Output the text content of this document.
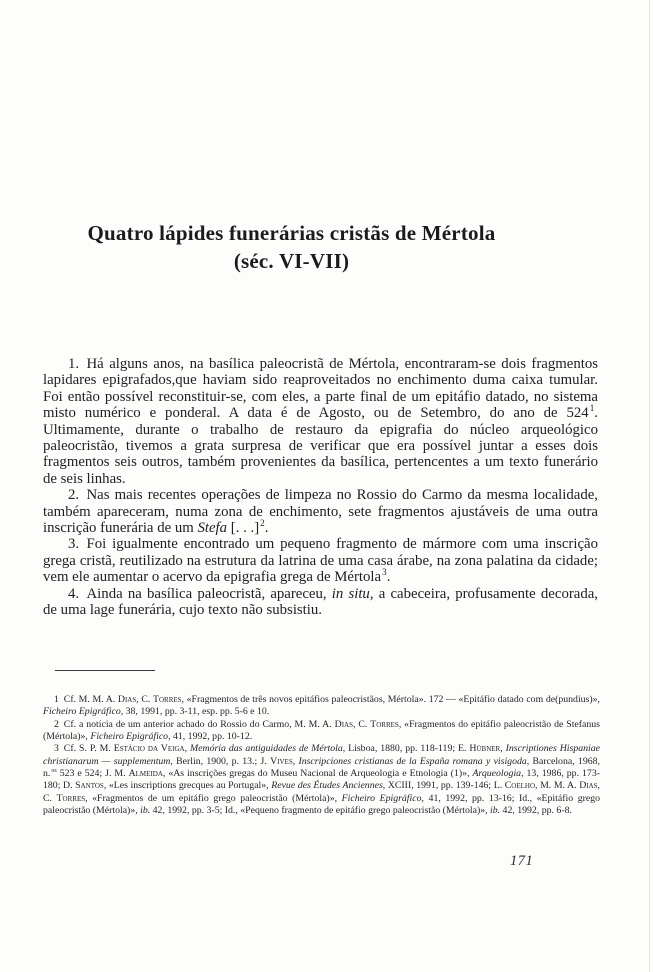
Quatro lápides funerárias cristãs de Mértola
(séc. VI-VII)

1. Há alguns anos, na basílica paleocristã de Mértola, encontraram-se dois fragmentos lapidares epigrafados,que haviam sido reaproveitados no enchimento duma caixa tumular. Foi então possível reconstituir-se, com eles, a parte final de um epitáfio datado, no sistema misto numérico e ponderal. A data é de Agosto, ou de Setembro, do ano de $524^1$. Ultimamente, durante o trabalho de restauro da epigrafia do núcleo arqueológico paleocristão, tivemos a grata surpresa de verificar que era possível juntar a esses dois fragmentos seis outros, também provenientes da basílica, pertencentes a um texto funerário de seis linhas.

2. Nas mais recentes operações de limpeza no Rossio do Carmo da mesma localidade, também apareceram, numa zona de enchimento, sete fragmentos ajustáveis de uma outra inscrição funerária de um Stefa [. . .]$^2$.

3. Foi igualmente encontrado um pequeno fragmento de mármore com uma inscrição grega cristã, reutilizado na estrutura da latrina de uma casa árabe, na zona palatina da cidade; vem ele aumentar o acervo da epigrafia grega de Mértola$^3$.

4. Ainda na basílica paleocristã, apareceu, in situ, a cabeceira, profusamente decorada, de uma lage funerária, cujo texto não subsistiu.

1 Cf. M. M. A. Dias, C. Torres, «Fragmentos de três novos epitáfios paleocristãos, Mértola». 172 — «Epitáfio datado com de(pundius)», Ficheiro Epigráfico, 38, 1991, pp. 3-11, esp. pp. 5-6 e 10.

2 Cf. a notícia de um anterior achado do Rossio do Carmo, M. M. A. Dias, C. Torres, «Fragmentos do epitáfio paleocristão de Stefanus (Mértola)», Ficheiro Epigráfico, 41, 1992, pp. 10-12.

3 Cf. S. P. M. Estácio da Veiga, Memória das antiguidades de Mértola, Lisboa, 1880, pp. 118-119; E. Hübner, Inscriptiones Hispaniae christianarum — supplementum, Berlin, 1900, p. 13.; J. Vives, Inscripciones cristianas de la España romana y visigoda, Barcelona, 1968, n.$^{os}$ 523 e 524; J. M. Almeida, «As inscrições gregas do Museu Nacional de Arqueologia e Etnologia (1)», Arqueologia, 13, 1986, pp. 173-180; D. Santos, «Les inscriptions grecques au Portugal», Revue des Études Anciennes, XCIII, 1991, pp. 139-146; L. Coelho, M. M. A. Dias, C. Torres, «Fragmentos de um epitáfio grego paleocristão (Mértola)», Ficheiro Epigráfico, 41, 1992, pp. 13-16; Id., «Epitáfio grego paleocristão (Mértola)», ib. 42, 1992, pp. 3-5; Id., «Pequeno fragmento de epitáfio grego paleocristão (Mértola)», ib. 42, 1992, pp. 6-8.

171
